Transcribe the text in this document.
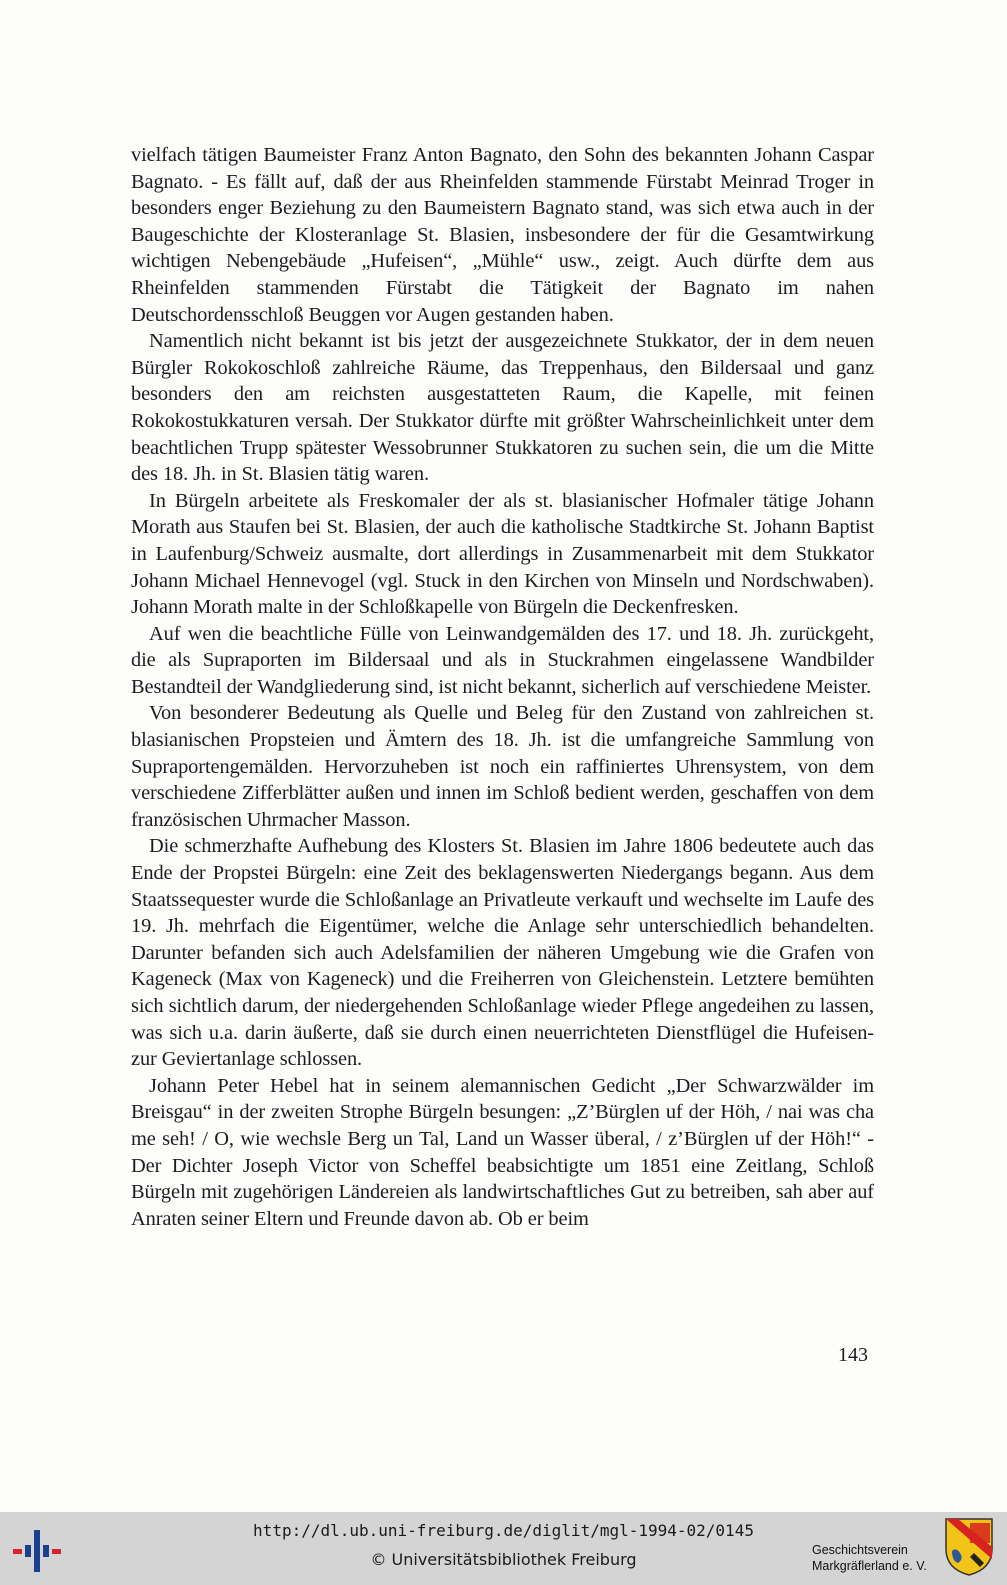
vielfach tätigen Baumeister Franz Anton Bagnato, den Sohn des bekannten Johann Caspar Bagnato. - Es fällt auf, daß der aus Rheinfelden stammende Fürstabt Meinrad Troger in besonders enger Beziehung zu den Baumeistern Bagnato stand, was sich etwa auch in der Baugeschichte der Klosteranlage St. Blasien, insbesondere der für die Gesamtwirkung wichtigen Nebengebäude „Hufeisen“, „Mühle“ usw., zeigt. Auch dürfte dem aus Rheinfelden stammenden Fürstabt die Tätigkeit der Bagnato im nahen Deutschordensschloß Beuggen vor Augen gestanden haben.

Namentlich nicht bekannt ist bis jetzt der ausgezeichnete Stukkator, der in dem neuen Bürgler Rokokoschloß zahlreiche Räume, das Treppenhaus, den Bildersaal und ganz besonders den am reichsten ausgestatteten Raum, die Kapelle, mit feinen Rokokostukkaturen versah. Der Stukkator dürfte mit größter Wahrscheinlichkeit unter dem beachtlichen Trupp spätester Wessobrunner Stukkatoren zu suchen sein, die um die Mitte des 18. Jh. in St. Blasien tätig waren.

In Bürgeln arbeitete als Freskomaler der als st. blasianischer Hofmaler tätige Johann Morath aus Staufen bei St. Blasien, der auch die katholische Stadtkirche St. Johann Baptist in Laufenburg/Schweiz ausmalte, dort allerdings in Zusammenarbeit mit dem Stukkator Johann Michael Hennevogel (vgl. Stuck in den Kirchen von Minseln und Nordschwaben). Johann Morath malte in der Schloßkapelle von Bürgeln die Deckenfresken.

Auf wen die beachtliche Fülle von Leinwandgemälden des 17. und 18. Jh. zurückgeht, die als Supraporten im Bildersaal und als in Stuckrahmen eingelassene Wandbilder Bestandteil der Wandgliederung sind, ist nicht bekannt, sicherlich auf verschiedene Meister.

Von besonderer Bedeutung als Quelle und Beleg für den Zustand von zahlreichen st. blasianischen Propsteien und Ämtern des 18. Jh. ist die umfangreiche Sammlung von Supraportengemälden. Hervorzuheben ist noch ein raffiniertes Uhrensystem, von dem verschiedene Zifferblätter außen und innen im Schloß bedient werden, geschaffen von dem französischen Uhrmacher Masson.

Die schmerzhafte Aufhebung des Klosters St. Blasien im Jahre 1806 bedeutete auch das Ende der Propstei Bürgeln: eine Zeit des beklagenswerten Niedergangs begann. Aus dem Staatssequester wurde die Schloßanlage an Privatleute verkauft und wechselte im Laufe des 19. Jh. mehrfach die Eigentümer, welche die Anlage sehr unterschiedlich behandelten. Darunter befanden sich auch Adelsfamilien der näheren Umgebung wie die Grafen von Kageneck (Max von Kageneck) und die Freiherren von Gleichenstein. Letztere bemühten sich sichtlich darum, der niedergehenden Schloßanlage wieder Pflege angedeihen zu lassen, was sich u.a. darin äußerte, daß sie durch einen neuerrichteten Dienstflügel die Hufeisen- zur Geviertanlage schlossen.

Johann Peter Hebel hat in seinem alemannischen Gedicht „Der Schwarzwälder im Breisgau“ in der zweiten Strophe Bürgeln besungen: „Z’Bürglen uf der Höh, / nai was cha me seh! / O, wie wechsle Berg un Tal, Land un Wasser überal, / z’Bürglen uf der Höh!“ - Der Dichter Joseph Victor von Scheffel beabsichtigte um 1851 eine Zeitlang, Schloß Bürgeln mit zugehörigen Ländereien als landwirtschaftliches Gut zu betreiben, sah aber auf Anraten seiner Eltern und Freunde davon ab. Ob er beim

143
http://dl.ub.uni-freiburg.de/diglit/mgl-1994-02/0145
© Universitätsbibliothek Freiburg	Geschichtsverein
Markgräflerland e. V.
